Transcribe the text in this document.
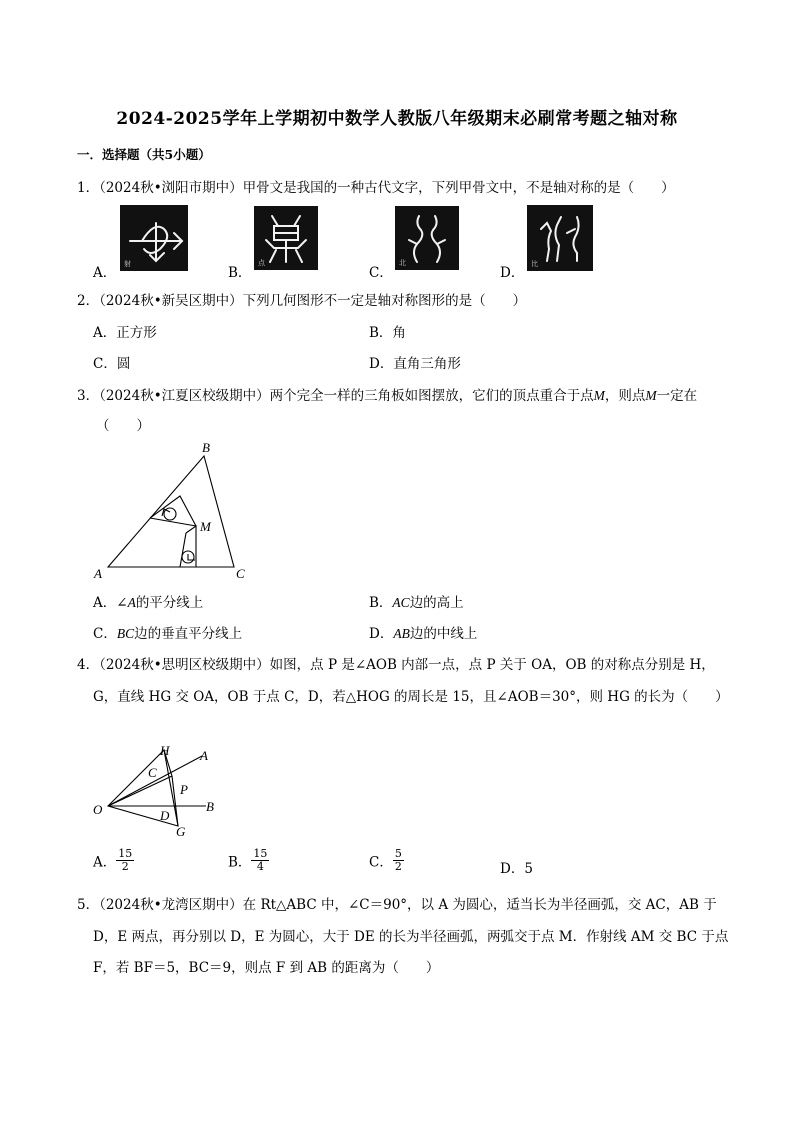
2024-2025学年上学期初中数学人教版八年级期末必刷常考题之轴对称
一．选择题（共5小题）
1．（2024秋•浏阳市期中）甲骨文是我国的一种古代文字，下列甲骨文中，不是轴对称的是（　　）
A．
射
B．
点
C．
北
D．
比
2．（2024秋•新吴区期中）下列几何图形不一定是轴对称图形的是（　　）
A．正方形	B．角
C．圆	D．直角三角形
3．（2024秋•江夏区校级期中）两个完全一样的三角板如图摆放，它们的顶点重合于点M，则点M一定在
（　　）
B
M
A	C
A．∠A的平分线上	B．AC边的高上
C．BC边的垂直平分线上	D．AB边的中线上
4．（2024秋•思明区校级期中）如图，点 P 是∠AOB 内部一点，点 P 关于 OA，OB 的对称点分别是 H，
G，直线 HG 交 OA，OB 于点 C，D，若△HOG 的周长是 15，且∠AOB＝30°，则 HG 的长为（　　）
H A
C
P
O	B
D
G
A． $\frac{15}{2}$	B． $\frac{15}{4}$	C． $\frac{5}{2}$	D．5
5．（2024秋•龙湾区期中）在 Rt△ABC 中，∠C＝90°，以 A 为圆心，适当长为半径画弧，交 AC，AB 于
D，E 两点，再分别以 D，E 为圆心，大于 DE 的长为半径画弧，两弧交于点 M．作射线 AM 交 BC 于点
F，若 BF＝5，BC＝9，则点 F 到 AB 的距离为（　　）
